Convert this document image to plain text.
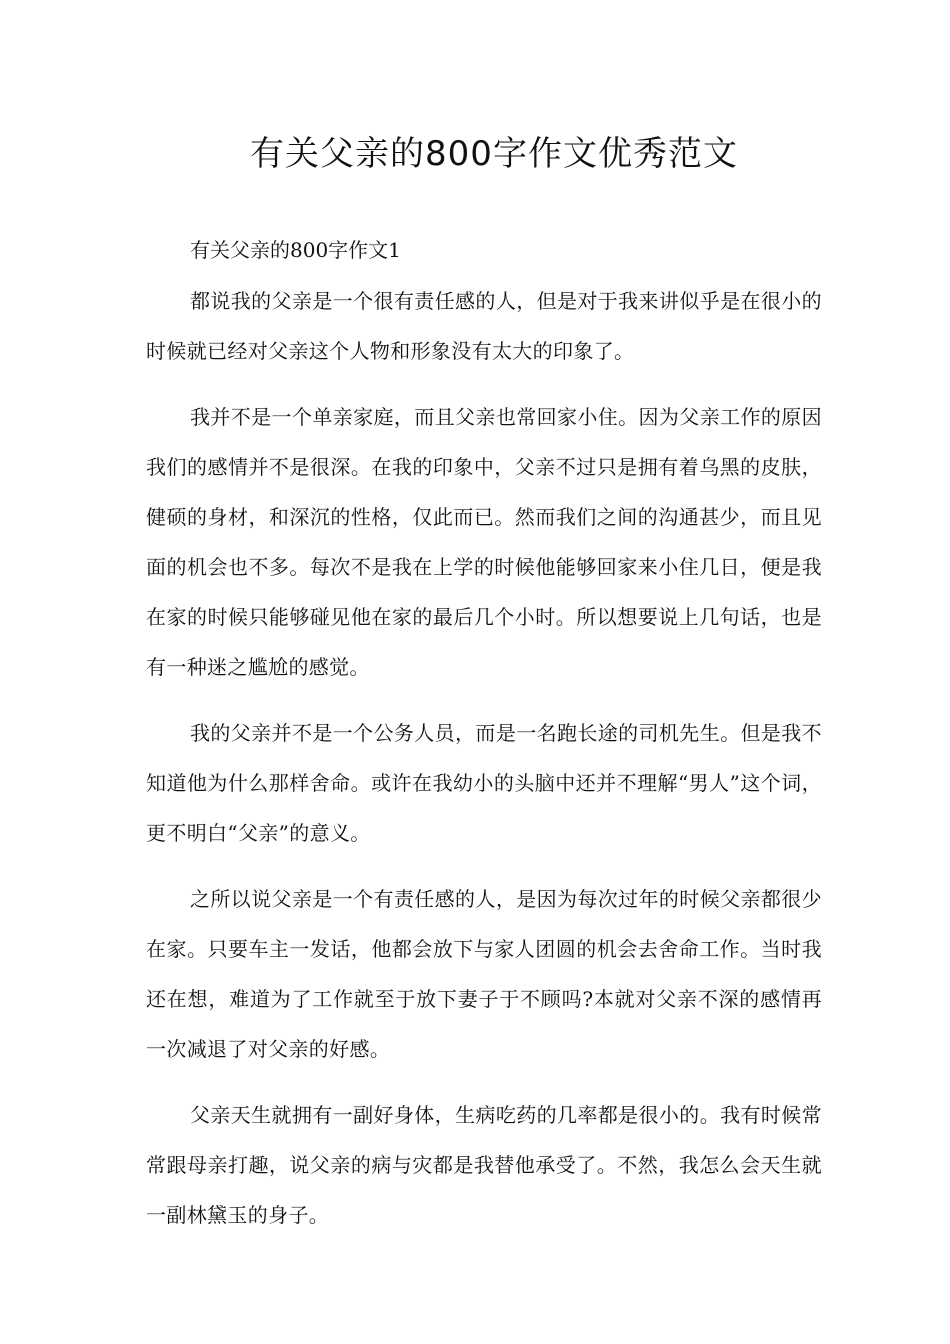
有关父亲的800字作文优秀范文

有关父亲的800字作文1

都说我的父亲是一个很有责任感的人，但是对于我来讲似乎是在很小的时候就已经对父亲这个人物和形象没有太大的印象了。

我并不是一个单亲家庭，而且父亲也常回家小住。因为父亲工作的原因我们的感情并不是很深。在我的印象中，父亲不过只是拥有着乌黑的皮肤，健硕的身材，和深沉的性格，仅此而已。然而我们之间的沟通甚少，而且见面的机会也不多。每次不是我在上学的时候他能够回家来小住几日，便是我在家的时候只能够碰见他在家的最后几个小时。所以想要说上几句话，也是有一种迷之尴尬的感觉。

我的父亲并不是一个公务人员，而是一名跑长途的司机先生。但是我不知道他为什么那样舍命。或许在我幼小的头脑中还并不理解“男人”这个词，更不明白“父亲”的意义。

之所以说父亲是一个有责任感的人，是因为每次过年的时候父亲都很少在家。只要车主一发话，他都会放下与家人团圆的机会去舍命工作。当时我还在想，难道为了工作就至于放下妻子于不顾吗?本就对父亲不深的感情再一次减退了对父亲的好感。

父亲天生就拥有一副好身体，生病吃药的几率都是很小的。我有时候常常跟母亲打趣，说父亲的病与灾都是我替他承受了。不然，我怎么会天生就一副林黛玉的身子。
